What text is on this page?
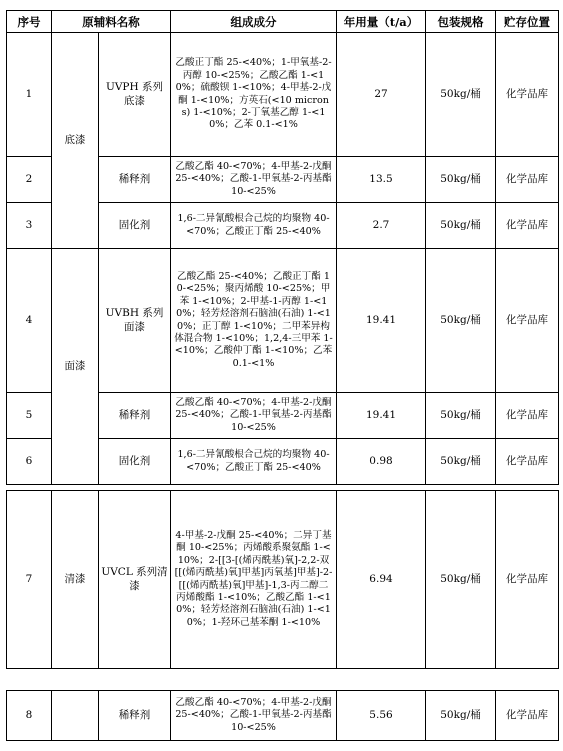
序号	原辅料名称		组成成分	年用量（t/a）	包装规格	贮存位置
1	底漆	UVPH 系列底漆	乙酸正丁酯 25-<40%；1-甲氧基-2-丙醇 10-<25%；乙酸乙酯 1-<10%；硫酸钡 1-<10%；4-甲基-2-戊酮 1-<10%；方英石(<10 microns) 1-<10%；2-丁氧基乙醇 1-<10%；乙苯 0.1-<1%	27	50kg/桶	化学品库
2		稀释剂	乙酸乙酯 40-<70%；4-甲基-2-戊酮 25-<40%；乙酸-1-甲氧基-2-丙基酯 10-<25%	13.5	50kg/桶	化学品库
3		固化剂	1,6-二异氰酸根合己烷的均聚物 40-<70%；乙酸正丁酯 25-<40%	2.7	50kg/桶	化学品库
4	面漆	UVBH 系列面漆	乙酸乙酯 25-<40%；乙酸正丁酯 10-<25%；聚丙烯酸 10-<25%；甲苯 1-<10%；2-甲基-1-丙醇 1-<10%；轻芳烃溶剂石脑油(石油) 1-<10%；正丁醇 1-<10%；二甲苯异构体混合物 1-<10%；1,2,4-三甲苯 1-<10%；乙酸仲丁酯 1-<10%；乙苯 0.1-<1%	19.41	50kg/桶	化学品库
5		稀释剂	乙酸乙酯 40-<70%；4-甲基-2-戊酮 25-<40%；乙酸-1-甲氧基-2-丙基酯 10-<25%	19.41	50kg/桶	化学品库
6		固化剂	1,6-二异氰酸根合己烷的均聚物 40-<70%；乙酸正丁酯 25-<40%	0.98	50kg/桶	化学品库
7	清漆	UVCL 系列清漆	4-甲基-2-戊酮 25-<40%；二异丁基酮 10-<25%；丙烯酸系聚氨酯 1-<10%；2-[[3-[(烯丙酰基)氧]-2,2-双[[(烯丙酰基)氧]甲基]丙氧基]甲基]-2-[[(烯丙酰基)氧]甲基]-1,3-丙二醇二丙烯酸酯 1-<10%；乙酸乙酯 1-<10%；轻芳烃溶剂石脑油(石油) 1-<10%；1-羟环己基苯酮 1-<10%	6.94	50kg/桶	化学品库
8		稀释剂	乙酸乙酯 40-<70%；4-甲基-2-戊酮 25-<40%；乙酸-1-甲氧基-2-丙基酯 10-<25%	5.56	50kg/桶	化学品库
